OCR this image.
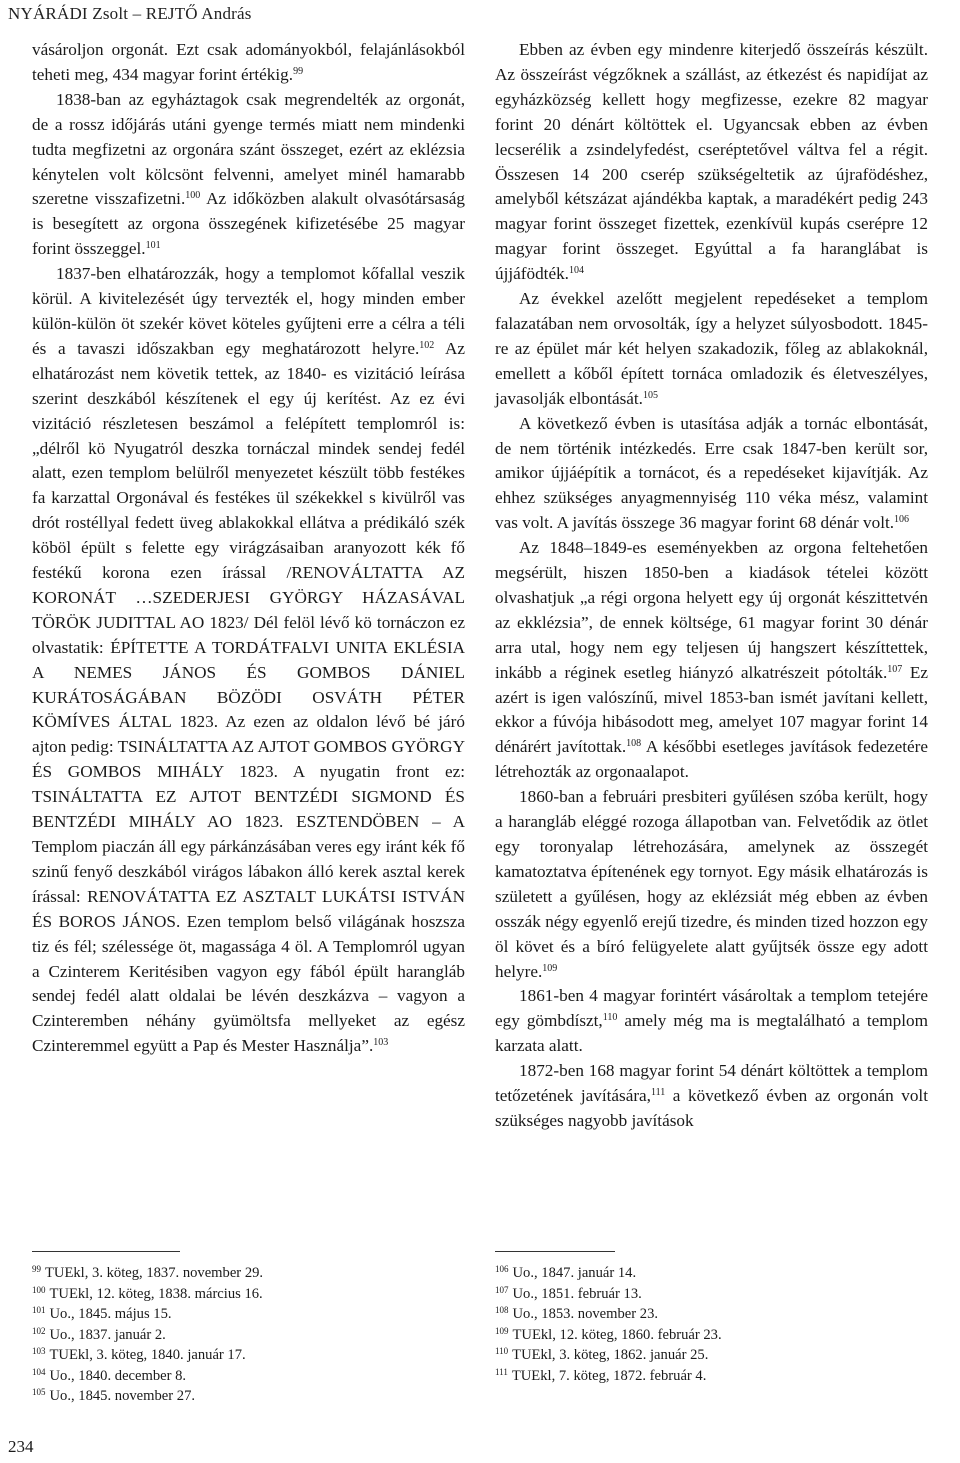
NYÁRÁDI Zsolt – REJTŐ András

vásároljon orgonát. Ezt csak adományokból, felajánlásokból teheti meg, 434 magyar forint értékig.$^{99}$

1838-ban az egyháztagok csak megrendelték az orgonát, de a rossz időjárás utáni gyenge termés miatt nem mindenki tudta megfizetni az orgonára szánt összeget, ezért az eklézsia kénytelen volt kölcsönt felvenni, amelyet minél hamarabb szeretne visszafizetni.$^{100}$ Az időközben alakult olvasótársaság is besegített az orgona összegének kifizetésébe 25 magyar forint összeggel.$^{101}$

1837-ben elhatározzák, hogy a templomot kőfallal veszik körül. A kivitelezését úgy tervezték el, hogy minden ember külön-külön öt szekér követ köteles gyűjteni erre a célra a téli és a tavaszi időszakban egy meghatározott helyre.$^{102}$ Az elhatározást nem követik tettek, az 1840- es vizitáció leírása szerint deszkából készítenek el egy új kerítést. Az ez évi vizitáció részletesen beszámol a felépített templomról is: „délről kö Nyugatról deszka tornáczal mindek sendej fedél alatt, ezen templom belülről menyezetet készült több festékes fa karzattal Orgonával és festékes ül székekkel s kivülről vas drót rostéllyal fedett üveg ablakokkal ellátva a prédikáló szék köböl épült s felette egy virágzásaiban aranyozott kék fő festékű korona ezen írással /RENOVÁLTATTA AZ KORONÁT …SZEDERJESI GYÖRGY HÁZASÁVAL TÖRÖK JUDITTAL AO 1823/ Dél felöl lévő kö tornáczon ez olvastatik: ÉPÍTETTE A TORDÁTFALVI UNITA EKLÉSIA A NEMES JÁNOS ÉS GOMBOS DÁNIEL KURÁTOSÁGÁBAN BÖZÖDI OSVÁTH PÉTER KÖMÍVES ÁLTAL 1823. Az ezen az oldalon lévő bé járó ajton pedig: TSINÁLTATTA AZ AJTOT GOMBOS GYÖRGY ÉS GOMBOS MIHÁLY 1823. A nyugatin front ez: TSINÁLTATTA EZ AJTOT BENTZÉDI SIGMOND ÉS BENTZÉDI MIHÁLY AO 1823. ESZTENDÖBEN – A Templom piaczán áll egy párkánzásában veres egy iránt kék fő szinű fenyő deszkából virágos lábakon álló kerek asztal kerek írással: RENOVÁTATTA EZ ASZTALT LUKÁTSI ISTVÁN ÉS BOROS JÁNOS. Ezen templom belső világának hoszsza tiz és fél; szélessége öt, magassága 4 öl. A Templomról ugyan a Czinterem Keritésiben vagyon egy fából épült harangláb sendej fedél alatt oldalai be lévén deszkázva – vagyon a Czinteremben néhány gyümöltsfa mellyeket az egész Czinteremmel együtt a Pap és Mester Használja”.$^{103}$

Ebben az évben egy mindenre kiterjedő összeírás készült. Az összeírást végzőknek a szállást, az étkezést és napidíjat az egyházközség kellett hogy megfizesse, ezekre 82 magyar forint 20 dénárt költöttek el. Ugyancsak ebben az évben lecserélik a zsindelyfedést, cseréptetővel váltva fel a régit. Összesen 14 200 cserép szükségeltetik az újrafödéshez, amelyből kétszázat ajándékba kaptak, a maradékért pedig 243 magyar forint összeget fizettek, ezenkívül kupás cserépre 12 magyar forint összeget. Egyúttal a fa haranglábat is újjáfödték.$^{104}$

Az évekkel azelőtt megjelent repedéseket a templom falazatában nem orvosolták, így a helyzet súlyosbodott. 1845-re az épület már két helyen szakadozik, főleg az ablakoknál, emellett a kőből épített tornáca omladozik és életveszélyes, javasolják elbontását.$^{105}$

A következő évben is utasítása adják a tornác elbontását, de nem történik intézkedés. Erre csak 1847-ben került sor, amikor újjáépítik a tornácot, és a repedéseket kijavítják. Az ehhez szükséges anyagmennyiség 110 véka mész, valamint vas volt. A javítás összege 36 magyar forint 68 dénár volt.$^{106}$

Az 1848–1849-es eseményekben az orgona feltehetően megsérült, hiszen 1850-ben a kiadások tételei között olvashatjuk „a régi orgona helyett egy új orgonát készittetvén az ekklézsia”, de ennek költsége, 61 magyar forint 30 dénár arra utal, hogy nem egy teljesen új hangszert készíttettek, inkább a réginek esetleg hiányzó alkatrészeit pótolták.$^{107}$ Ez azért is igen valószínű, mivel 1853-ban ismét javítani kellett, ekkor a fúvója hibásodott meg, amelyet 107 magyar forint 14 dénárért javítottak.$^{108}$ A későbbi esetleges javítások fedezetére létrehozták az orgonaalapot.

1860-ban a februári presbiteri gyűlésen szóba került, hogy a harangláb eléggé rozoga állapotban van. Felvetődik az ötlet egy toronyalap létrehozására, amelynek az összegét kamatoztatva építenének egy tornyot. Egy másik elhatározás is született a gyűlésen, hogy az eklézsiát még ebben az évben osszák négy egyenlő erejű tizedre, és minden tized hozzon egy öl követ és a bíró felügyelete alatt gyűjtsék össze egy adott helyre.$^{109}$

1861-ben 4 magyar forintért vásároltak a templom tetejére egy gömbdíszt,$^{110}$ amely még ma is megtalálható a templom karzata alatt.

1872-ben 168 magyar forint 54 dénárt költöttek a templom tetőzetének javítására,$^{111}$ a következő évben az orgonán volt szükséges nagyobb javítások

$^{99}$ TUEkl, 3. köteg, 1837. november 29.
$^{100}$ TUEkl, 12. köteg, 1838. március 16.
$^{101}$ Uo., 1845. május 15.
$^{102}$ Uo., 1837. január 2.
$^{103}$ TUEkl, 3. köteg, 1840. január 17.
$^{104}$ Uo., 1840. december 8.
$^{105}$ Uo., 1845. november 27.
$^{106}$ Uo., 1847. január 14.
$^{107}$ Uo., 1851. február 13.
$^{108}$ Uo., 1853. november 23.
$^{109}$ TUEkl, 12. köteg, 1860. február 23.
$^{110}$ TUEkl, 3. köteg, 1862. január 25.
$^{111}$ TUEkl, 7. köteg, 1872. február 4.
234
